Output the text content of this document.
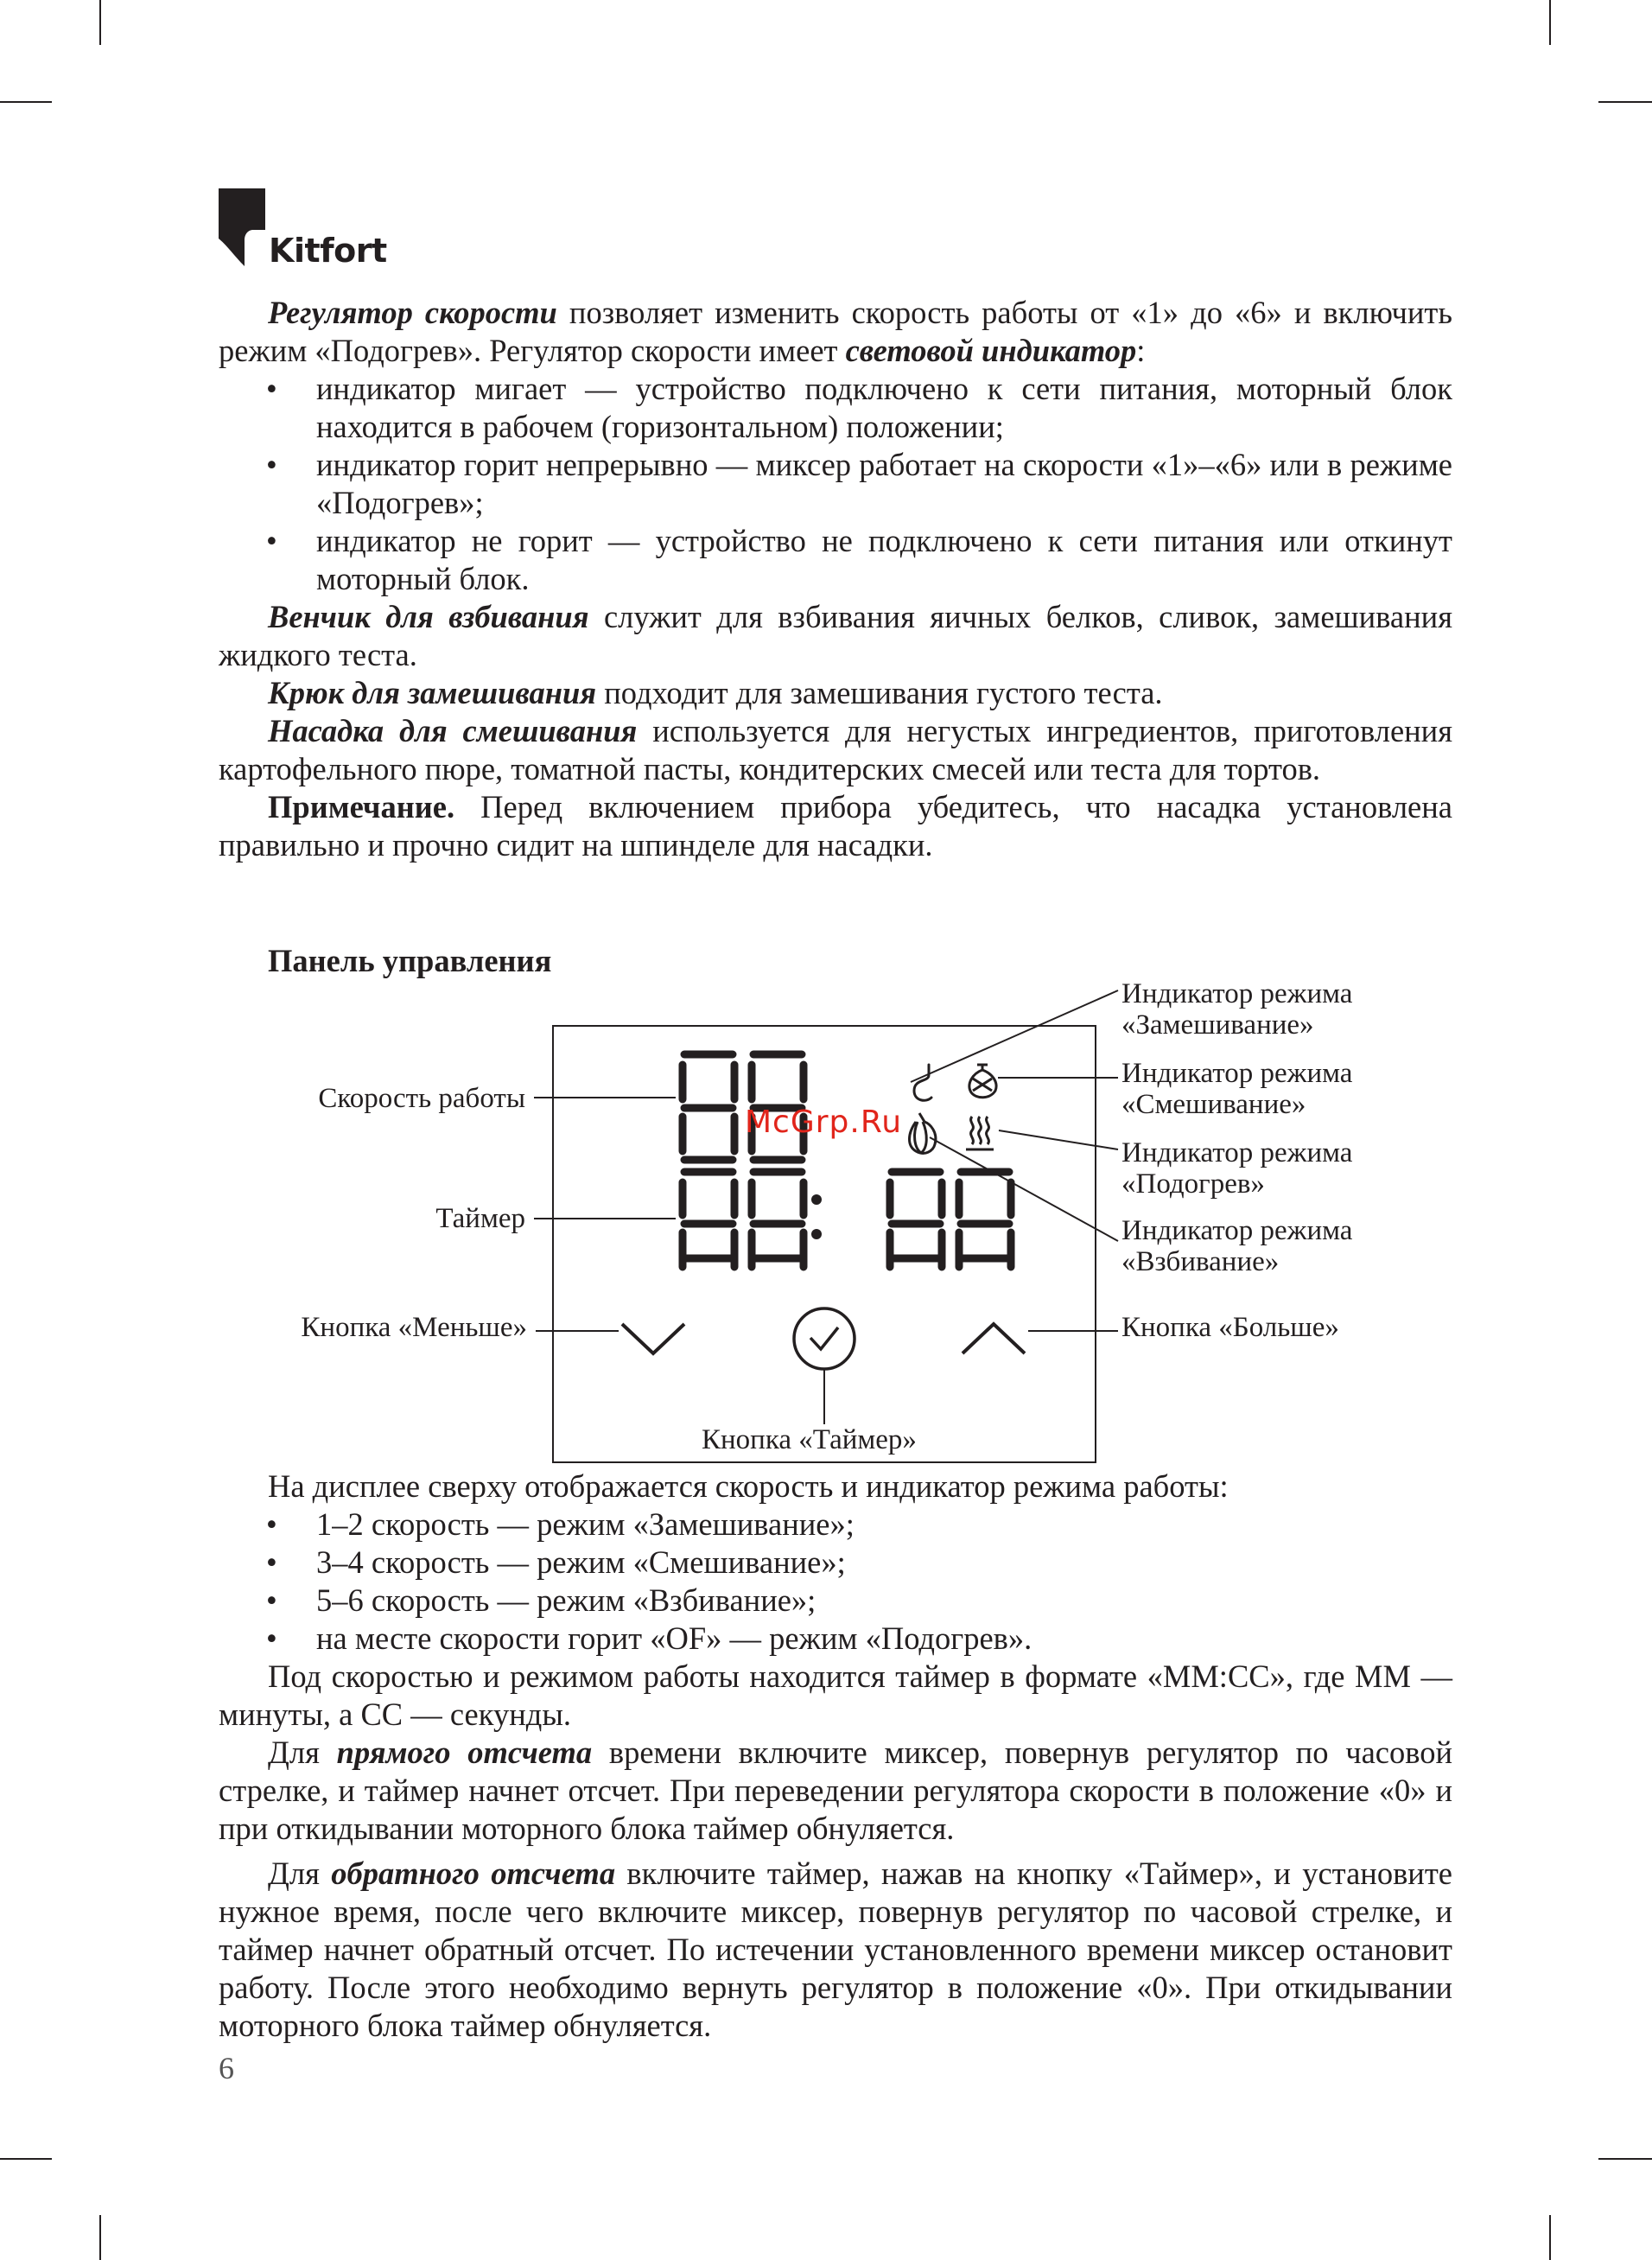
Kitfort

Регулятор скорости позволяет изменить скорость работы от «1» до «6» и включить режим «Подогрев». Регулятор скорости имеет световой индикатор:

• индикатор мигает — устройство подключено к сети питания, моторный блок находится в рабочем (горизонтальном) положении;

• индикатор горит непрерывно — миксер работает на скорости «1»–«6» или в режиме «Подогрев»;

• индикатор не горит — устройство не подключено к сети питания или откинут моторный блок.

Венчик для взбивания служит для взбивания яичных белков, сливок, замешивания жидкого теста.

Крюк для замешивания подходит для замешивания густого теста.

Насадка для смешивания используется для негустых ингредиентов, приготовления картофельного пюре, томатной пасты, кондитерских смесей или теста для тортов.

Примечание. Перед включением прибора убедитесь, что насадка установлена правильно и прочно сидит на шпинделе для насадки.

Панель управления
Скорость работы
Таймер
Кнопка «Меньше»	Кнопка «Больше»
Кнопка «Таймер»
Индикатор режима
«Замешивание»
Индикатор режима
«Смешивание»
Индикатор режима
«Подогрев»
Индикатор режима
«Взбивание»
McGrp.Ru

На дисплее сверху отображается скорость и индикатор режима работы:

• 1–2 скорость — режим «Замешивание»;

• 3–4 скорость — режим «Смешивание»;

• 5–6 скорость — режим «Взбивание»;

• на месте скорости горит «OF» — режим «Подогрев».

Под скоростью и режимом работы находится таймер в формате «ММ:СС», где ММ — минуты, а СС — секунды.

Для прямого отсчета времени включите миксер, повернув регулятор по часовой стрелке, и таймер начнет отсчет. При переведении регулятора скорости в положение «0» и при откидывании моторного блока таймер обнуляется.

Для обратного отсчета включите таймер, нажав на кнопку «Таймер», и установите нужное время, после чего включите миксер, повернув регулятор по часовой стрелке, и таймер начнет обратный отсчет. По истечении установленного времени миксер остановит работу. После этого необходимо вернуть регулятор в положение «0». При откидывании моторного блока таймер обнуляется.

6
